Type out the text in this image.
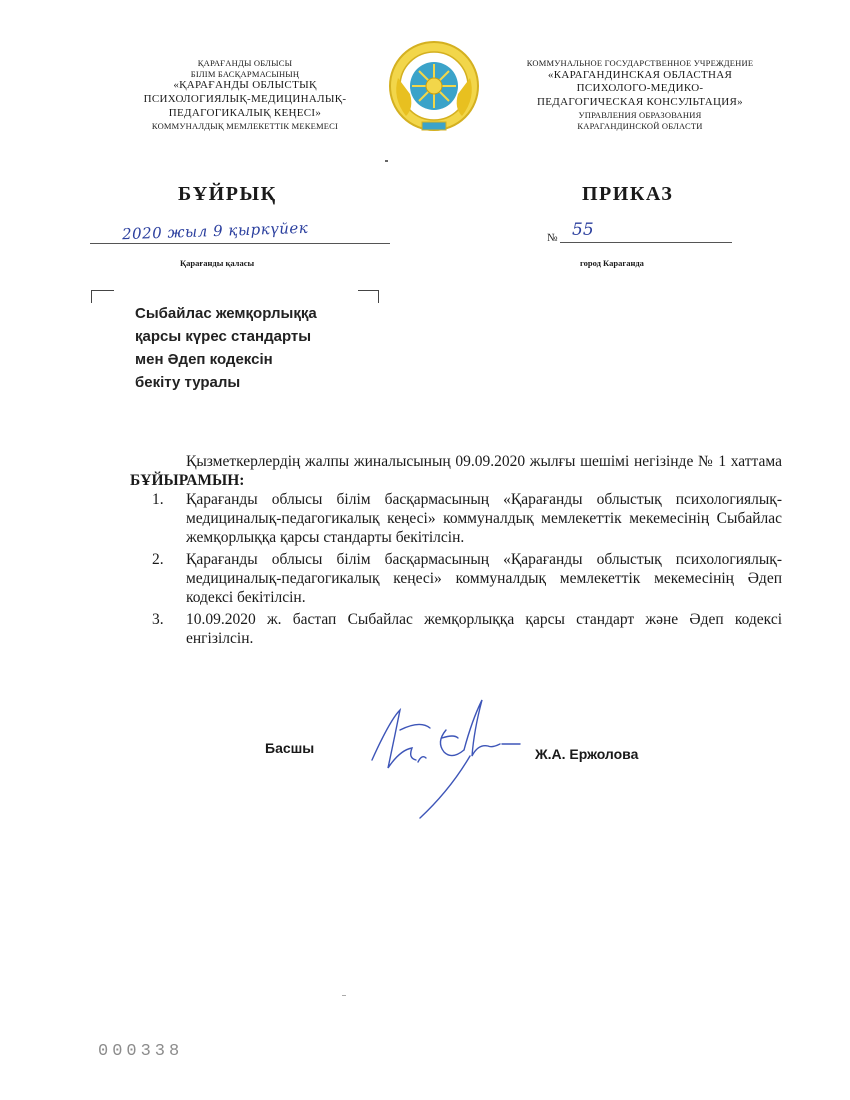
ҚАРАҒАНДЫ ОБЛЫСЫ
БІЛІМ БАСҚАРМАСЫНЫҢ
«ҚАРАҒАНДЫ ОБЛЫСТЫҚ
ПСИХОЛОГИЯЛЫҚ-МЕДИЦИНАЛЫҚ-
ПЕДАГОГИКАЛЫҚ КЕҢЕСІ»
КОММУНАЛДЫҚ МЕМЛЕКЕТТІК МЕКЕМЕСІ
КОММУНАЛЬНОЕ ГОСУДАРСТВЕННОЕ УЧРЕЖДЕНИЕ
«КАРАГАНДИНСКАЯ ОБЛАСТНАЯ
ПСИХОЛОГО-МЕДИКО-
ПЕДАГОГИЧЕСКАЯ КОНСУЛЬТАЦИЯ»
УПРАВЛЕНИЯ ОБРАЗОВАНИЯ
КАРАГАНДИНСКОЙ ОБЛАСТИ
БҰЙРЫҚ	ПРИКАЗ
2020 жыл 9 қыркүйек	№ 55
Қарағанды қаласы	город Караганда
Сыбайлас жемқорлыққа
қарсы күрес стандарты
мен Әдеп кодексін
бекіту туралы

Қызметкерлердің жалпы жиналысының 09.09.2020 жылғы шешімі негізінде № 1 хаттама БҰЙЫРАМЫН:

1. Қарағанды облысы білім басқармасының «Қарағанды облыстық психологиялық-медициналық-педагогикалық кеңесі» коммуналдық мемлекеттік мекемесінің Сыбайлас жемқорлыққа қарсы стандарты бекітілсін.
2. Қарағанды облысы білім басқармасының «Қарағанды облыстық психологиялық-медициналық-педагогикалық кеңесі» коммуналдық мемлекеттік мекемесінің Әдеп кодексі бекітілсін.
3. 10.09.2020 ж. бастап Сыбайлас жемқорлыққа қарсы стандарт және Әдеп кодексі енгізілсін.
Басшы	Ж.А. Ержолова
000338
